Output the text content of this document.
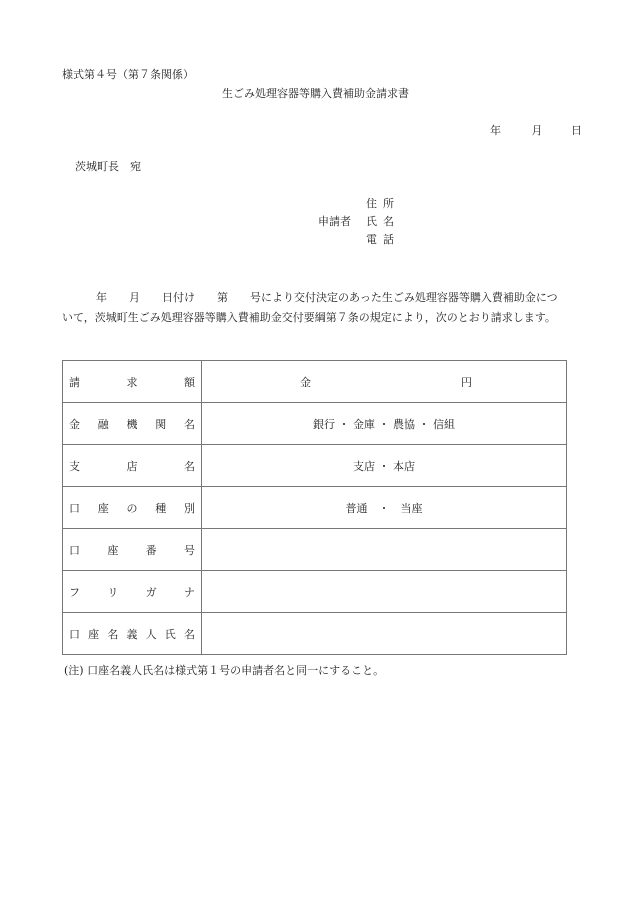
様式第４号（第７条関係）
生ごみ処理容器等購入費補助金請求書
年	月	日
茨城町長　宛
住所
申請者	氏名
電話
年　　月　　日付け　　第　　号により交付決定のあった生ごみ処理容器等購入費補助金につ
いて，茨城町生ごみ処理容器等購入費補助金交付要綱第７条の規定により，次のとおり請求します。
請 求 額	金 円

金 融 機 関 名	銀行 ・ 金庫 ・ 農協 ・ 信組

支 店 名	支店 ・ 本店

口 座 の 種 別	普通　・　当座

口 座 番 号	

フ リ ガ ナ	

口 座 名 義 人 氏 名

(注) 口座名義人氏名は様式第１号の申請者名と同一にすること。
